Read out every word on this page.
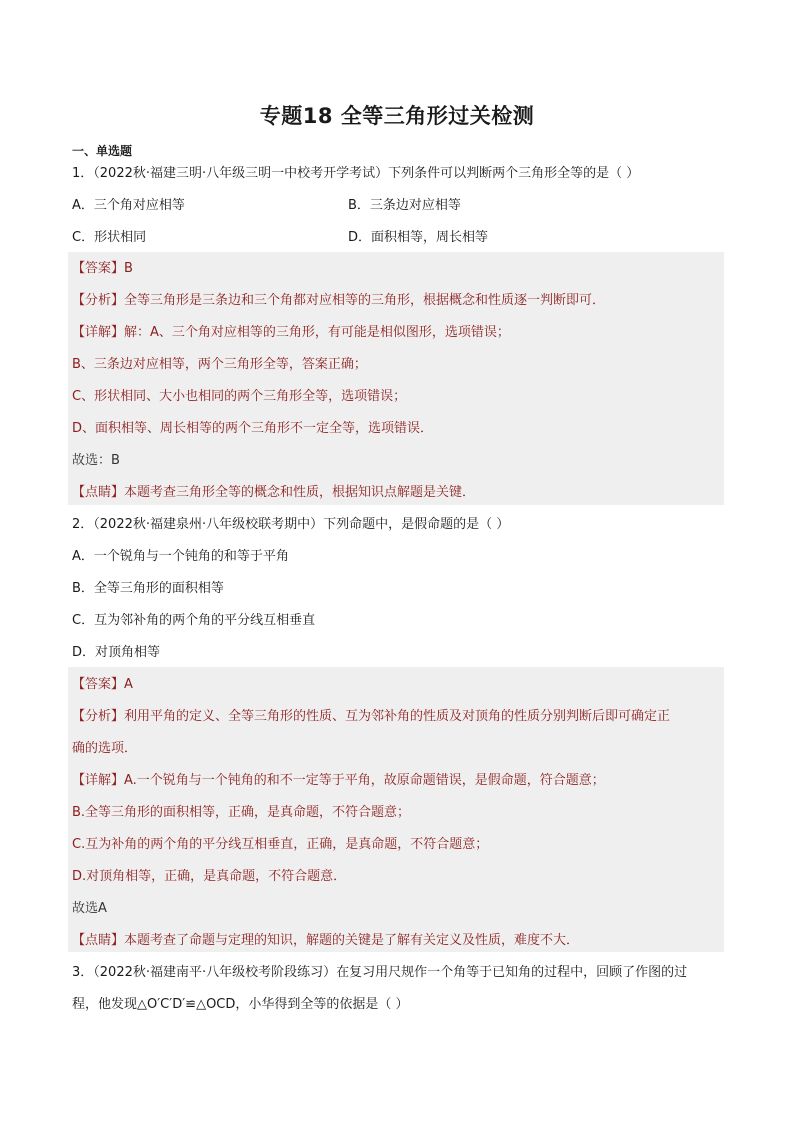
专题18 全等三角形过关检测
一、单选题
1．（2022秋·福建三明·八年级三明一中校考开学考试）下列条件可以判断两个三角形全等的是（ ）
A．三个角对应相等	B．三条边对应相等
C．形状相同	D．面积相等，周长相等
【答案】B
【分析】全等三角形是三条边和三个角都对应相等的三角形，根据概念和性质逐一判断即可．
【详解】解：A、三个角对应相等的三角形，有可能是相似图形，选项错误；
B、三条边对应相等，两个三角形全等，答案正确；
C、形状相同、大小也相同的两个三角形全等，选项错误；
D、面积相等、周长相等的两个三角形不一定全等，选项错误．
故选：B
【点睛】本题考查三角形全等的概念和性质，根据知识点解题是关键．
2．（2022秋·福建泉州·八年级校联考期中）下列命题中，是假命题的是（ ）
A．一个锐角与一个钝角的和等于平角
B．全等三角形的面积相等
C．互为邻补角的两个角的平分线互相垂直
D．对顶角相等
【答案】A
【分析】利用平角的定义、全等三角形的性质、互为邻补角的性质及对顶角的性质分别判断后即可确定正
确的选项．
【详解】A.一个锐角与一个钝角的和不一定等于平角，故原命题错误，是假命题，符合题意；
B.全等三角形的面积相等，正确，是真命题，不符合题意；
C.互为补角的两个角的平分线互相垂直，正确，是真命题，不符合题意；
D.对顶角相等，正确，是真命题，不符合题意．
故选A
【点睛】本题考查了命题与定理的知识，解题的关键是了解有关定义及性质，难度不大．
3．（2022秋·福建南平·八年级校考阶段练习）在复习用尺规作一个角等于已知角的过程中，回顾了作图的过
程，他发现△O′C′D′≌△OCD，小华得到全等的依据是（ ）
